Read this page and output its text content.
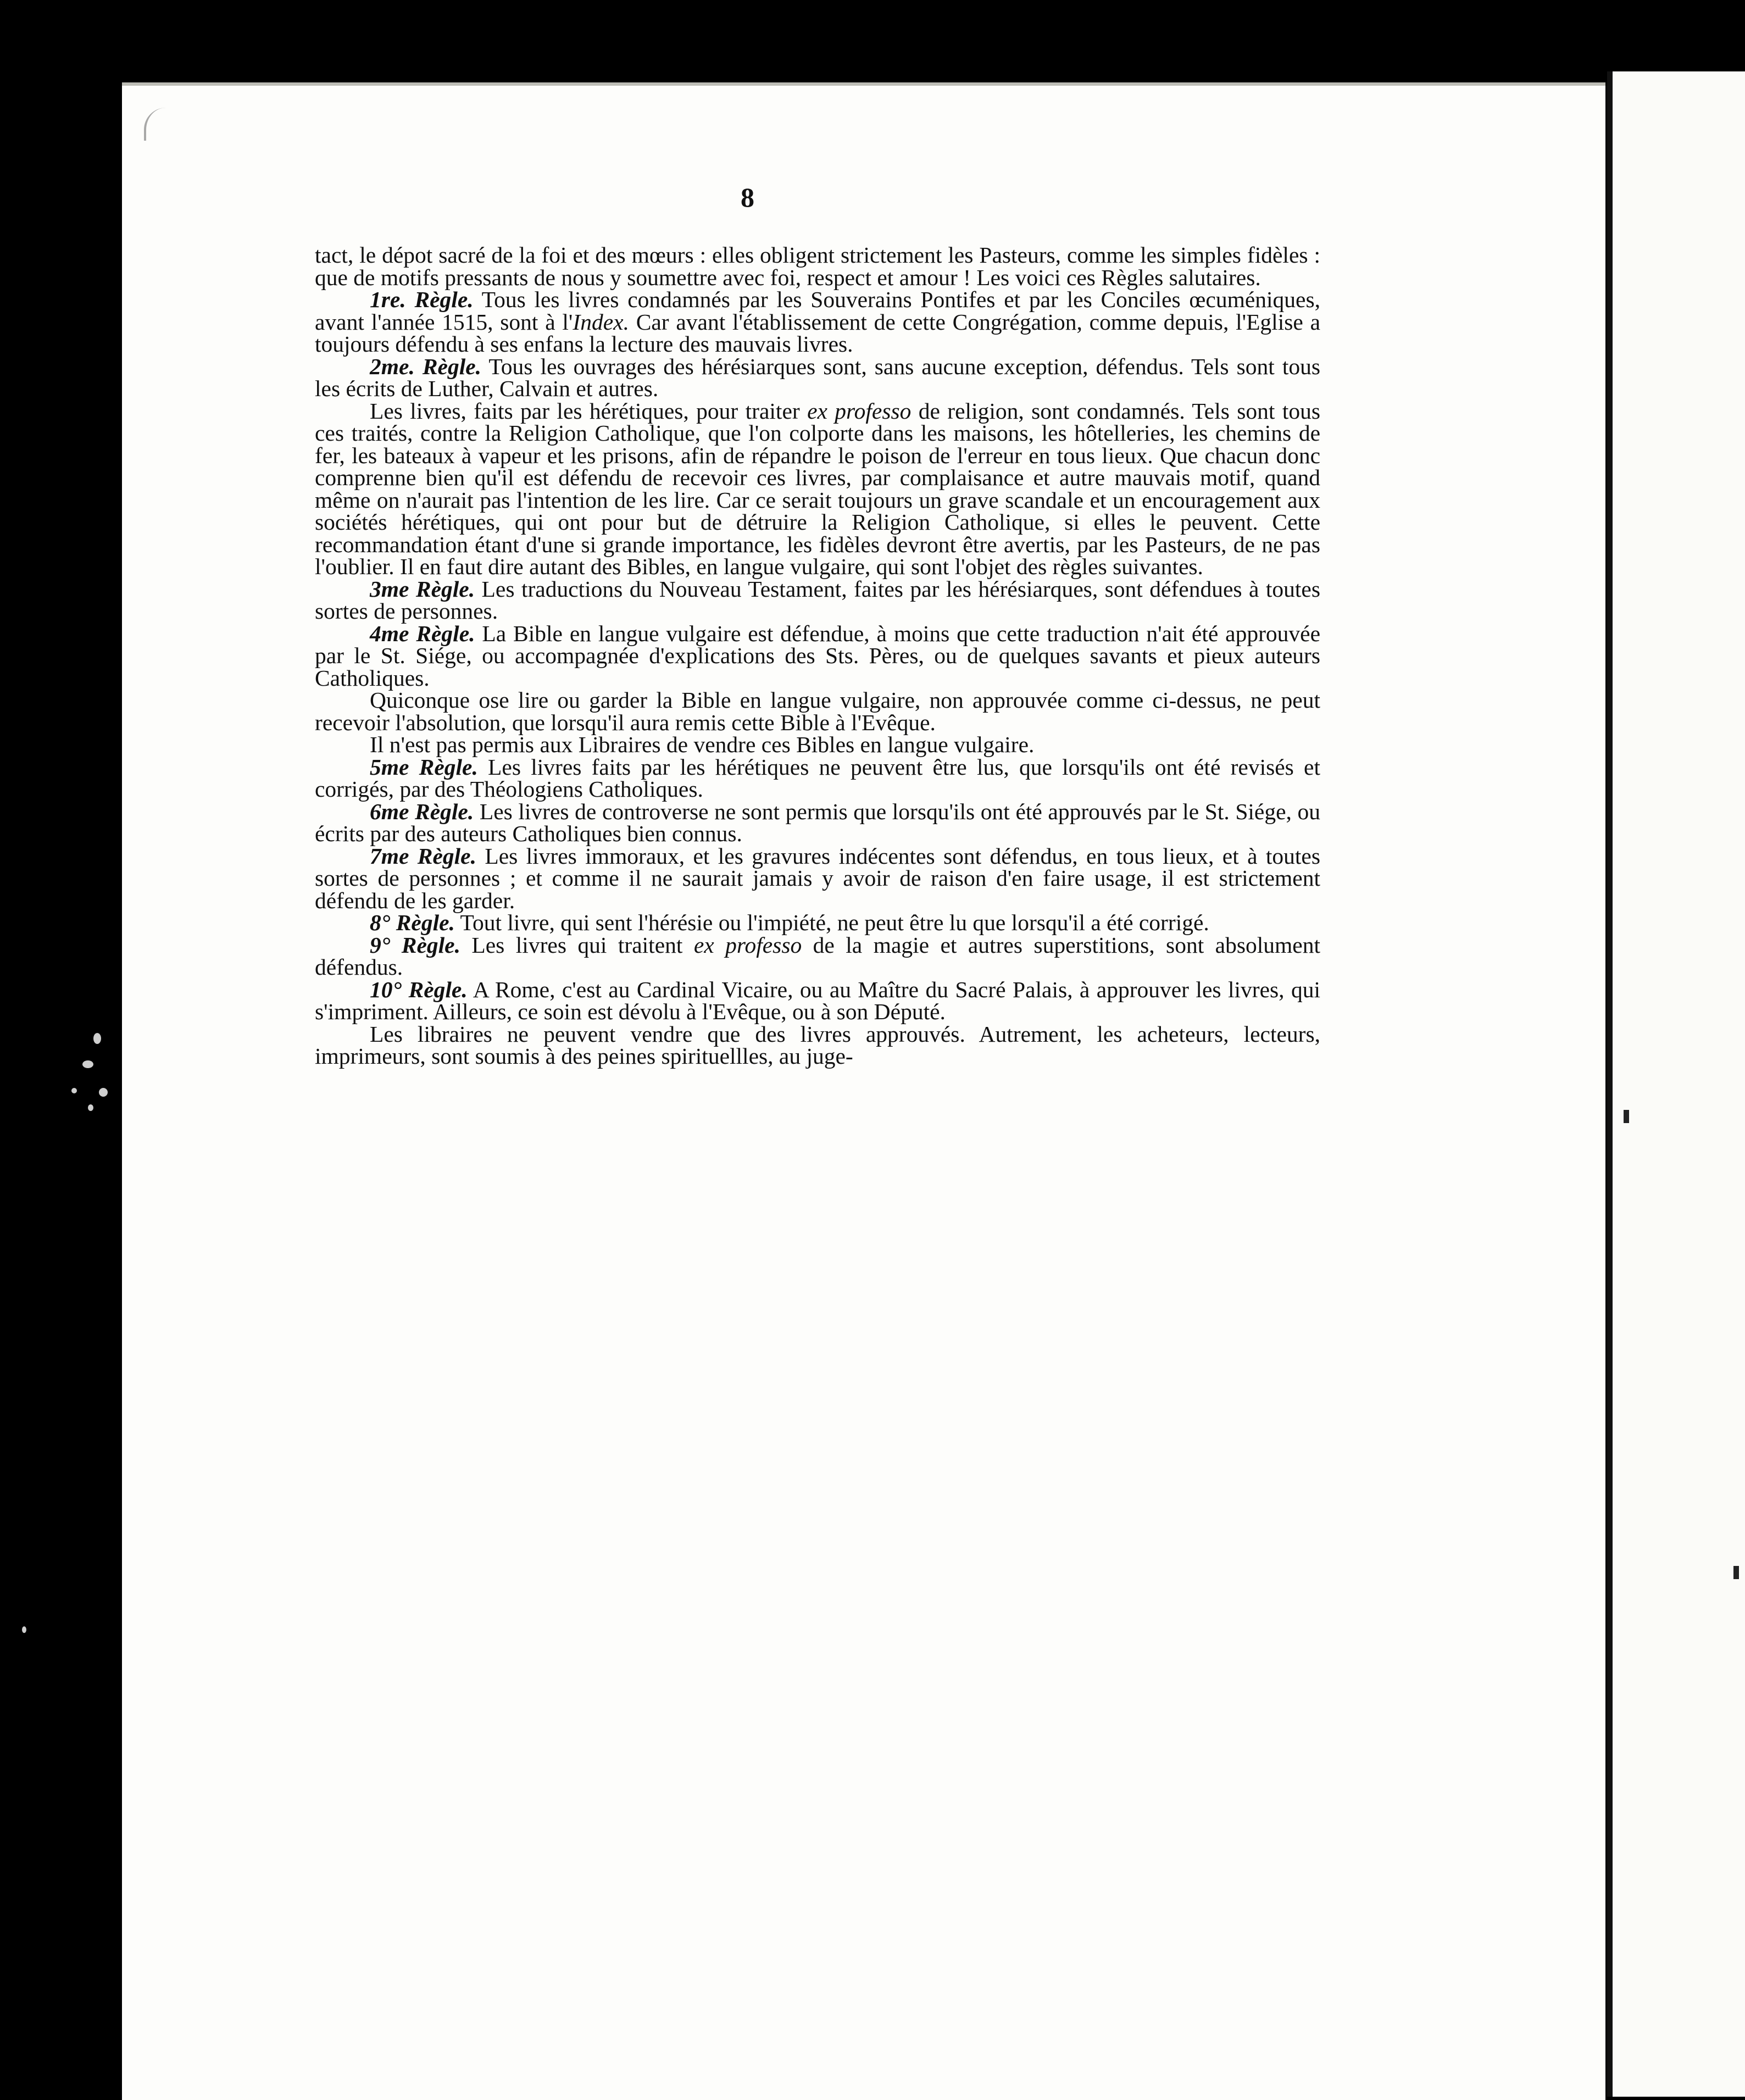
8

tact, le dépot sacré de la foi et des mœurs : elles obligent strictement les Pasteurs, comme les simples fidèles : que de motifs pressants de nous y soumettre avec foi, respect et amour ! Les voici ces Règles salutaires.

1re. Règle. Tous les livres condamnés par les Souverains Pontifes et par les Conciles œcuméniques, avant l'année 1515, sont à l'Index. Car avant l'établissement de cette Congrégation, comme depuis, l'Eglise a toujours défendu à ses enfans la lecture des mauvais livres.

2me. Règle. Tous les ouvrages des hérésiarques sont, sans aucune exception, défendus. Tels sont tous les écrits de Luther, Calvain et autres.

Les livres, faits par les hérétiques, pour traiter ex professo de religion, sont condamnés. Tels sont tous ces traités, contre la Religion Catholique, que l'on colporte dans les maisons, les hôtelleries, les chemins de fer, les bateaux à vapeur et les prisons, afin de répandre le poison de l'erreur en tous lieux. Que chacun donc comprenne bien qu'il est défendu de recevoir ces livres, par complaisance et autre mauvais motif, quand même on n'aurait pas l'intention de les lire. Car ce serait toujours un grave scandale et un encouragement aux sociétés hérétiques, qui ont pour but de détruire la Religion Catholique, si elles le peuvent. Cette recommandation étant d'une si grande importance, les fidèles devront être avertis, par les Pasteurs, de ne pas l'oublier. Il en faut dire autant des Bibles, en langue vulgaire, qui sont l'objet des règles suivantes.

3me Règle. Les traductions du Nouveau Testament, faites par les hérésiarques, sont défendues à toutes sortes de personnes.

4me Règle. La Bible en langue vulgaire est défendue, à moins que cette traduction n'ait été approuvée par le St. Siége, ou accompagnée d'explications des Sts. Pères, ou de quelques savants et pieux auteurs Catholiques.

Quiconque ose lire ou garder la Bible en langue vulgaire, non approuvée comme ci-dessus, ne peut recevoir l'absolution, que lorsqu'il aura remis cette Bible à l'Evêque.

Il n'est pas permis aux Libraires de vendre ces Bibles en langue vulgaire.

5me Règle. Les livres faits par les hérétiques ne peuvent être lus, que lorsqu'ils ont été revisés et corrigés, par des Théologiens Catholiques.

6me Règle. Les livres de controverse ne sont permis que lorsqu'ils ont été approuvés par le St. Siége, ou écrits par des auteurs Catholiques bien connus.

7me Règle. Les livres immoraux, et les gravures indécentes sont défendus, en tous lieux, et à toutes sortes de personnes ; et comme il ne saurait jamais y avoir de raison d'en faire usage, il est strictement défendu de les garder.

8° Règle. Tout livre, qui sent l'hérésie ou l'impiété, ne peut être lu que lorsqu'il a été corrigé.

9° Règle. Les livres qui traitent ex professo de la magie et autres superstitions, sont absolument défendus.

10° Règle. A Rome, c'est au Cardinal Vicaire, ou au Maître du Sacré Palais, à approuver les livres, qui s'impriment. Ailleurs, ce soin est dévolu à l'Evêque, ou à son Député.

Les libraires ne peuvent vendre que des livres approuvés. Autrement, les acheteurs, lecteurs, imprimeurs, sont soumis à des peines spirituellles, au juge-
